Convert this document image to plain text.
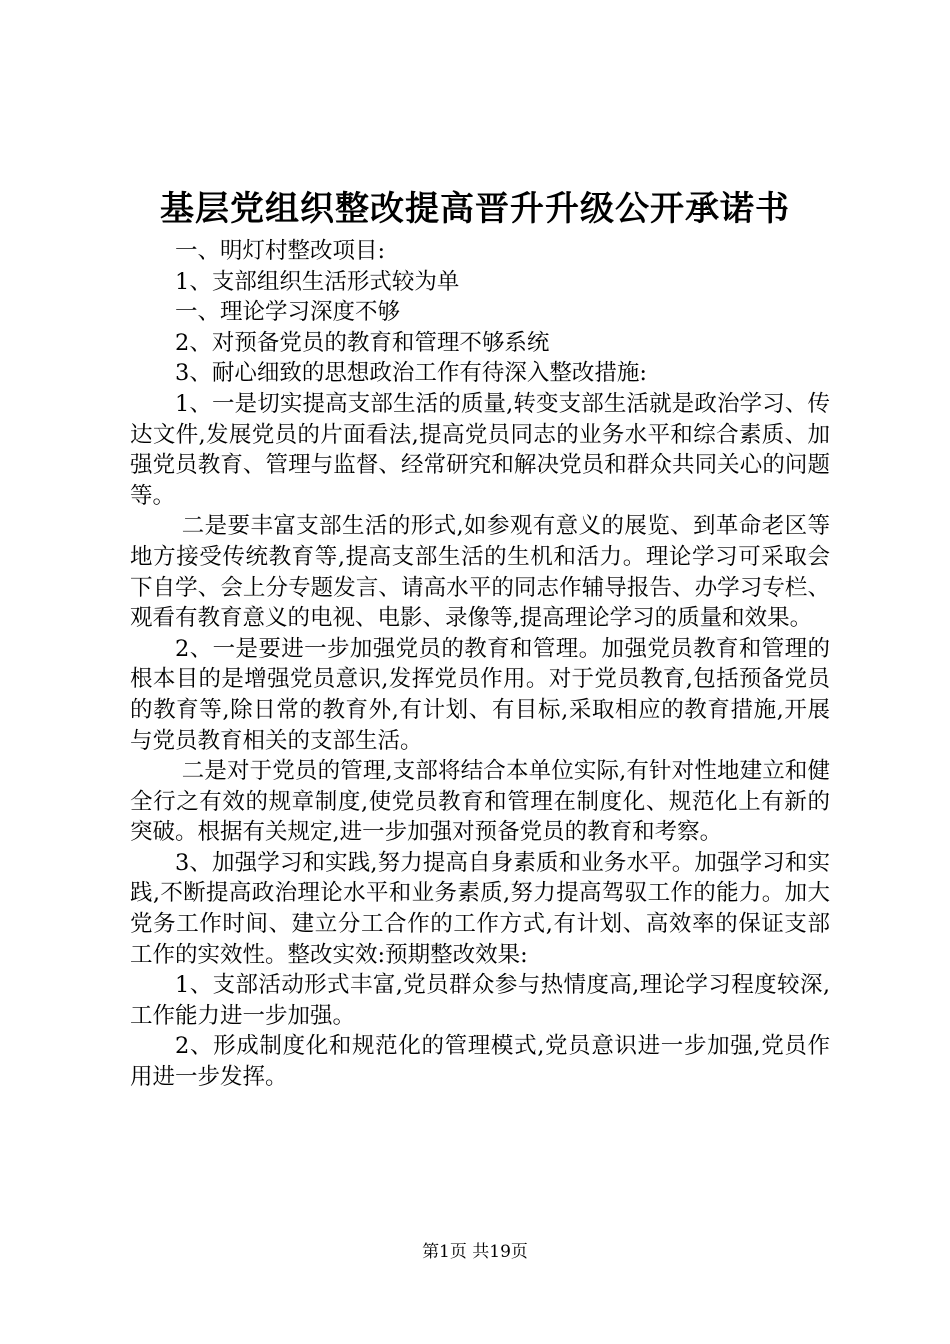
基层党组织整改提高晋升升级公开承诺书

一、明灯村整改项目:

1、支部组织生活形式较为单

一、理论学习深度不够

2、对预备党员的教育和管理不够系统

3、耐心细致的思想政治工作有待深入整改措施:

1、一是切实提高支部生活的质量,转变支部生活就是政治学习、传达文件,发展党员的片面看法,提高党员同志的业务水平和综合素质、加强党员教育、管理与监督、经常研究和解决党员和群众共同关心的问题等。

二是要丰富支部生活的形式,如参观有意义的展览、到革命老区等地方接受传统教育等,提高支部生活的生机和活力。理论学习可采取会下自学、会上分专题发言、请高水平的同志作辅导报告、办学习专栏、观看有教育意义的电视、电影、录像等,提高理论学习的质量和效果。

2、一是要进一步加强党员的教育和管理。加强党员教育和管理的根本目的是增强党员意识,发挥党员作用。对于党员教育,包括预备党员的教育等,除日常的教育外,有计划、有目标,采取相应的教育措施,开展与党员教育相关的支部生活。

二是对于党员的管理,支部将结合本单位实际,有针对性地建立和健全行之有效的规章制度,使党员教育和管理在制度化、规范化上有新的突破。根据有关规定,进一步加强对预备党员的教育和考察。

3、加强学习和实践,努力提高自身素质和业务水平。加强学习和实践,不断提高政治理论水平和业务素质,努力提高驾驭工作的能力。加大党务工作时间、建立分工合作的工作方式,有计划、高效率的保证支部工作的实效性。整改实效:预期整改效果:

1、支部活动形式丰富,党员群众参与热情度高,理论学习程度较深,工作能力进一步加强。

2、形成制度化和规范化的管理模式,党员意识进一步加强,党员作用进一步发挥。

第1页 共19页
